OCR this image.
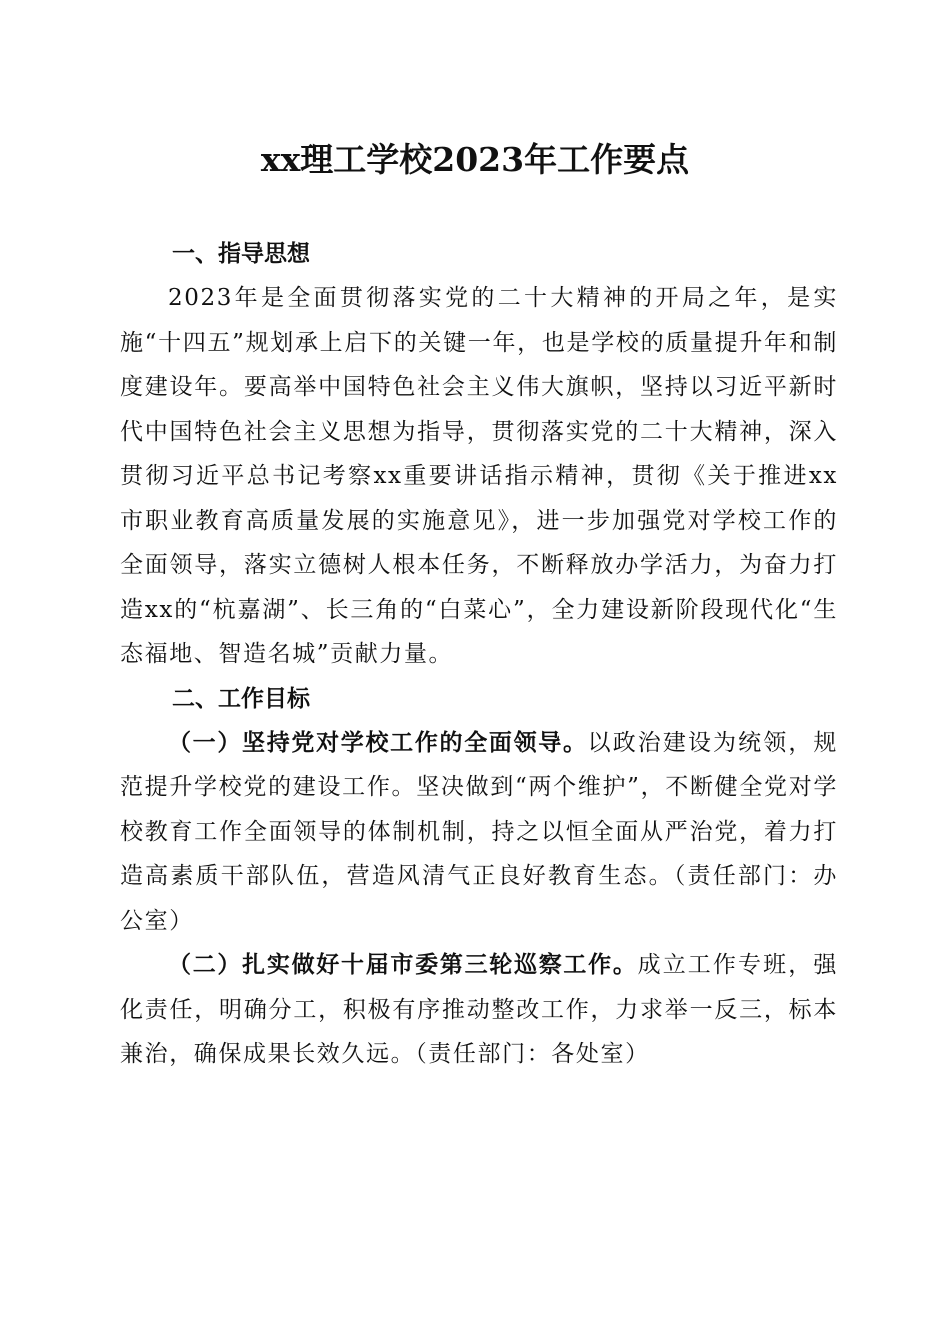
xx理工学校2023年工作要点
一、指导思想

2023年是全面贯彻落实党的二十大精神的开局之年，是实施“十四五”规划承上启下的关键一年，也是学校的质量提升年和制度建设年。要高举中国特色社会主义伟大旗帜，坚持以习近平新时代中国特色社会主义思想为指导，贯彻落实党的二十大精神，深入贯彻习近平总书记考察xx重要讲话指示精神，贯彻《关于推进xx市职业教育高质量发展的实施意见》，进一步加强党对学校工作的全面领导，落实立德树人根本任务，不断释放办学活力，为奋力打造xx的“杭嘉湖”、长三角的“白菜心”，全力建设新阶段现代化“生态福地、智造名城”贡献力量。

二、工作目标

（一）坚持党对学校工作的全面领导。以政治建设为统领，规范提升学校党的建设工作。坚决做到“两个维护”，不断健全党对学校教育工作全面领导的体制机制，持之以恒全面从严治党，着力打造高素质干部队伍，营造风清气正良好教育生态。（责任部门：办公室）

（二）扎实做好十届市委第三轮巡察工作。成立工作专班，强化责任，明确分工，积极有序推动整改工作，力求举一反三，标本兼治，确保成果长效久远。（责任部门：各处室）
